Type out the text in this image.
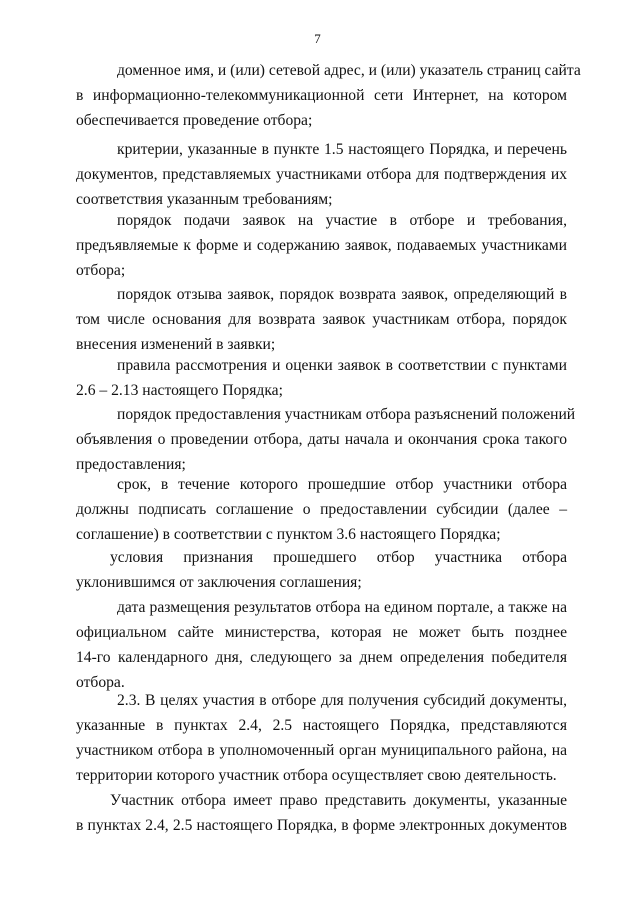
7
доменное имя, и (или) сетевой адрес, и (или) указатель страниц сайта
в информационно-телекоммуникационной сети Интернет, на котором
обеспечивается проведение отбора;
критерии, указанные в пункте 1.5 настоящего Порядка, и перечень
документов, представляемых участниками отбора для подтверждения их
соответствия указанным требованиям;
порядок подачи заявок на участие в отборе и требования,
предъявляемые к форме и содержанию заявок, подаваемых участниками
отбора;
порядок отзыва заявок, порядок возврата заявок, определяющий в
том числе основания для возврата заявок участникам отбора, порядок
внесения изменений в заявки;
правила рассмотрения и оценки заявок в соответствии с пунктами
2.6 – 2.13 настоящего Порядка;
порядок предоставления участникам отбора разъяснений положений
объявления о проведении отбора, даты начала и окончания срока такого
предоставления;
срок, в течение которого прошедшие отбор участники отбора
должны подписать соглашение о предоставлении субсидии (далее –
соглашение) в соответствии с пунктом 3.6 настоящего Порядка;
условия признания прошедшего отбор участника отбора
уклонившимся от заключения соглашения;
дата размещения результатов отбора на едином портале, а также на
официальном сайте министерства, которая не может быть позднее
14-го календарного дня, следующего за днем определения победителя
отбора.
2.3. В целях участия в отборе для получения субсидий документы,
указанные в пунктах 2.4, 2.5 настоящего Порядка, представляются
участником отбора в уполномоченный орган муниципального района, на
территории которого участник отбора осуществляет свою деятельность.
Участник отбора имеет право представить документы, указанные
в пунктах 2.4, 2.5 настоящего Порядка, в форме электронных документов
